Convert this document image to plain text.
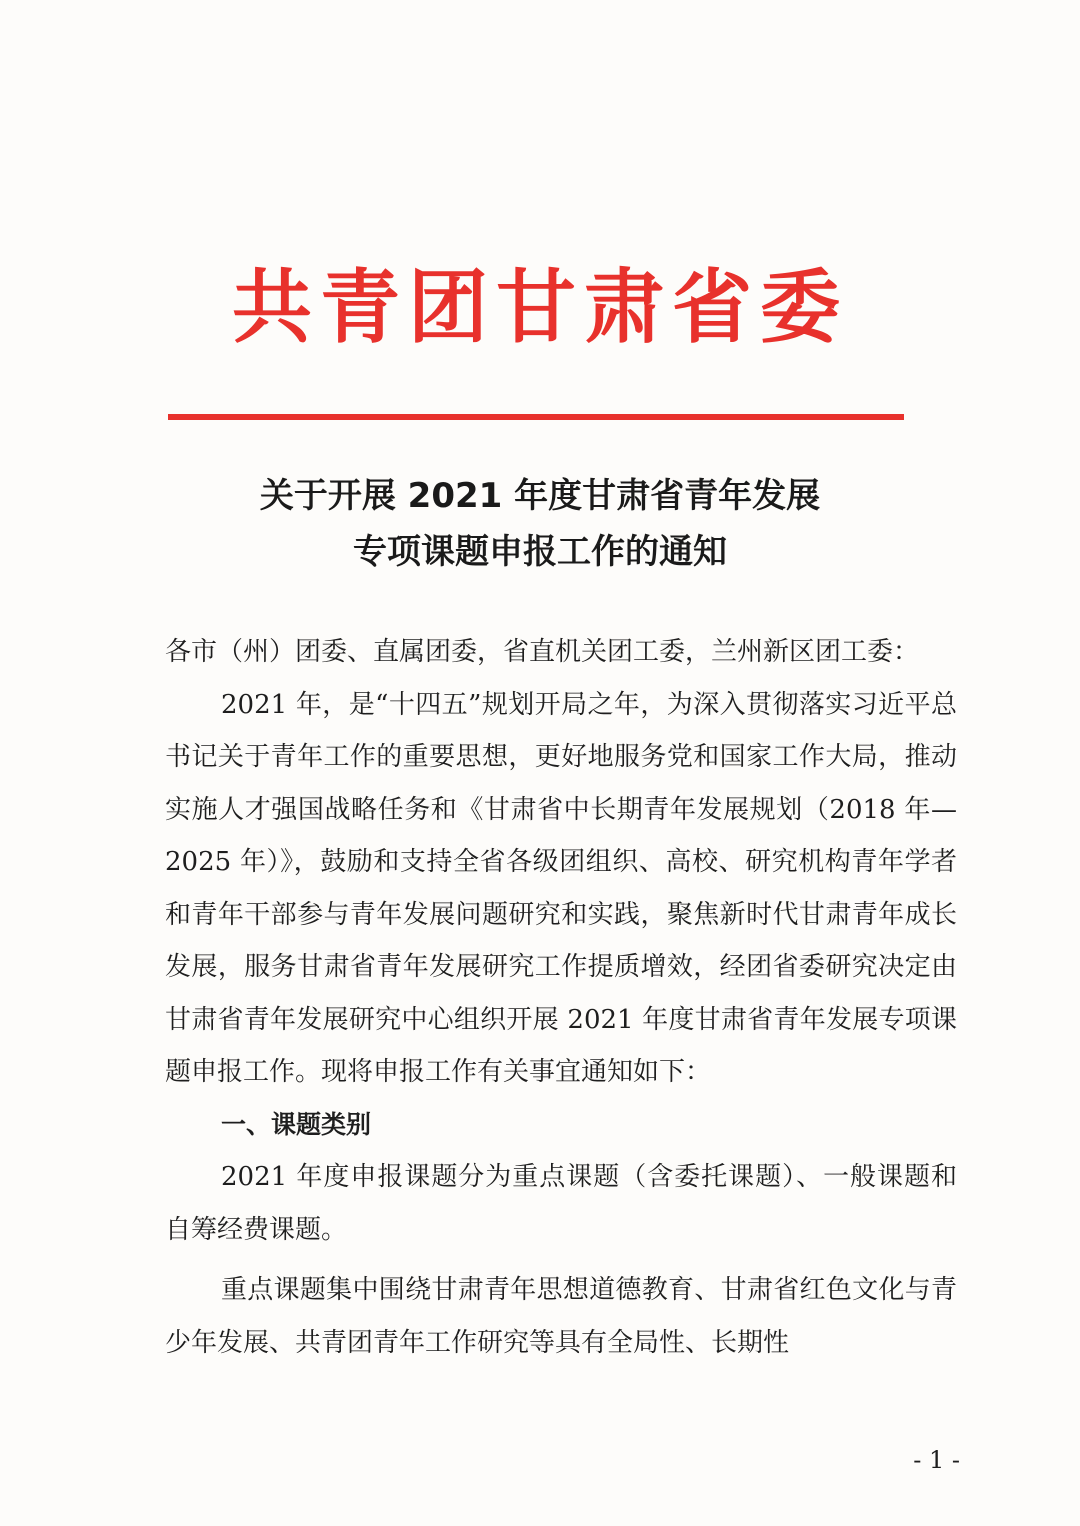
共青团甘肃省委
关于开展 2021 年度甘肃省青年发展
专项课题申报工作的通知

各市（州）团委、直属团委，省直机关团工委，兰州新区团工委：

2021 年，是“十四五”规划开局之年，为深入贯彻落实习近平总书记关于青年工作的重要思想，更好地服务党和国家工作大局，推动实施人才强国战略任务和《甘肃省中长期青年发展规划（2018 年—2025 年）》，鼓励和支持全省各级团组织、高校、研究机构青年学者和青年干部参与青年发展问题研究和实践，聚焦新时代甘肃青年成长发展，服务甘肃省青年发展研究工作提质增效，经团省委研究决定由甘肃省青年发展研究中心组织开展 2021 年度甘肃省青年发展专项课题申报工作。现将申报工作有关事宜通知如下：

一、课题类别

2021 年度申报课题分为重点课题（含委托课题）、一般课题和自筹经费课题。

重点课题集中围绕甘肃青年思想道德教育、甘肃省红色文化与青少年发展、共青团青年工作研究等具有全局性、长期性

- 1 -
